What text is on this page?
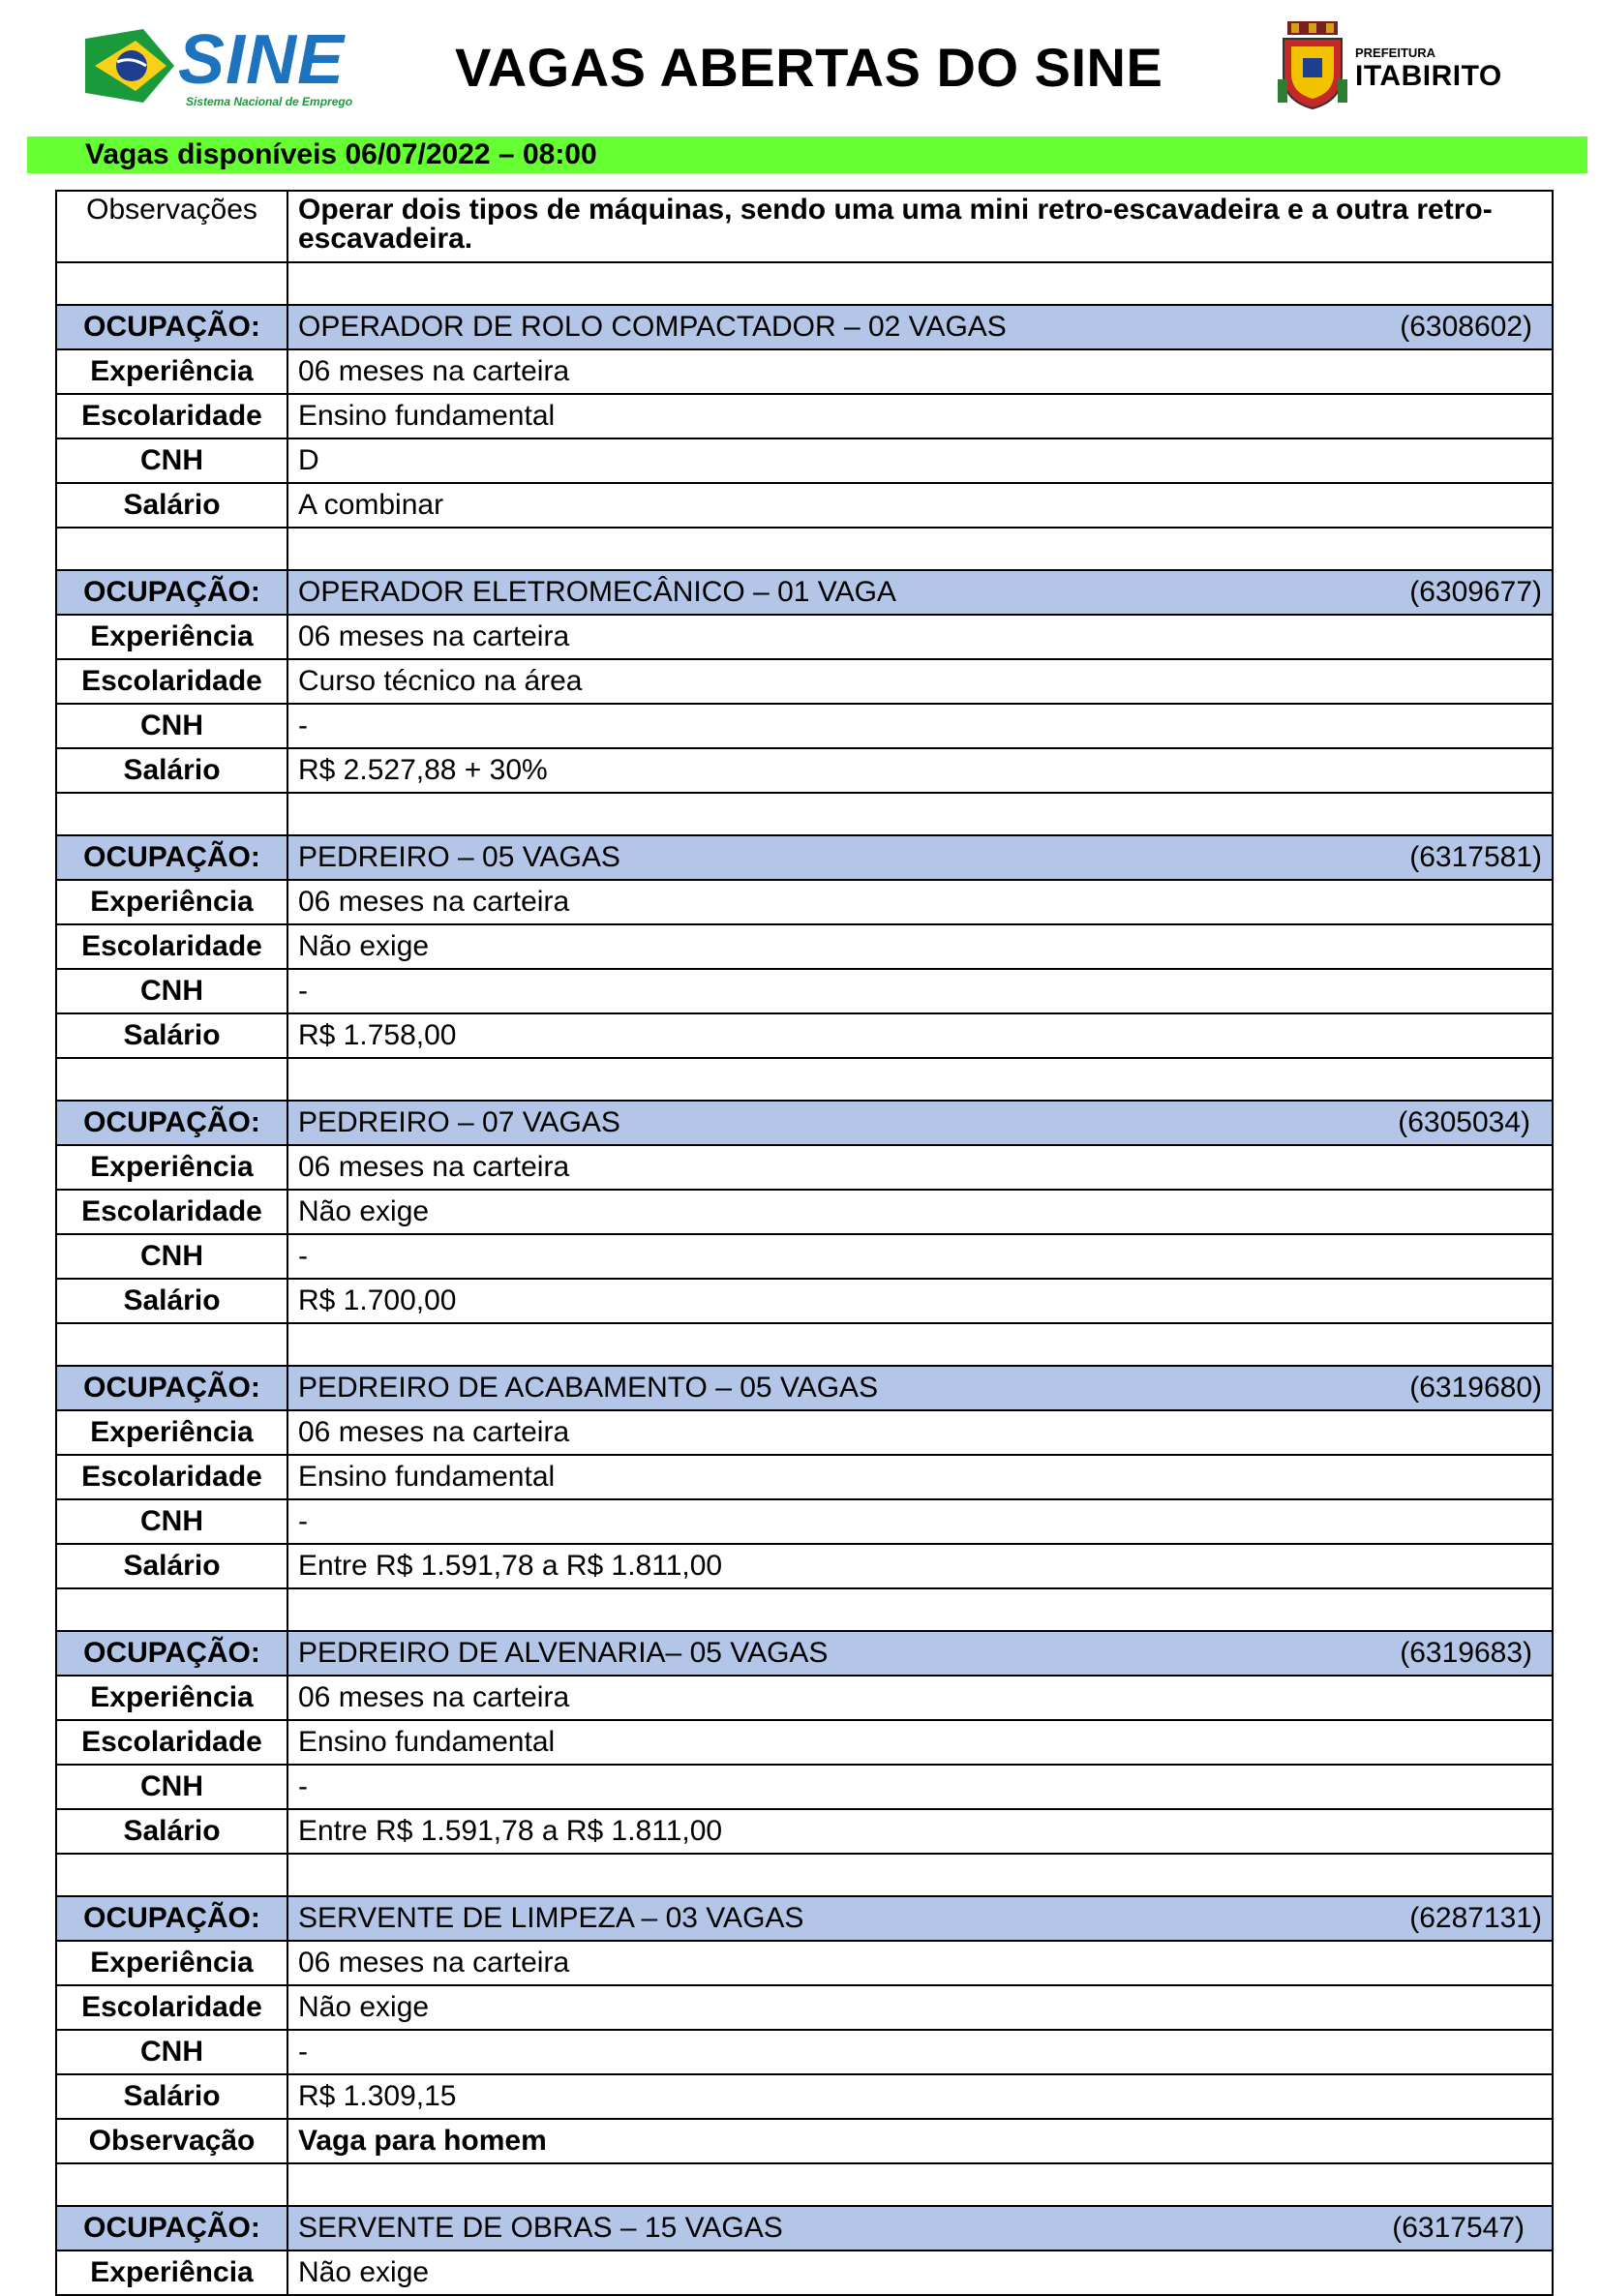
SINE
Sistema Nacional de Emprego
VAGAS ABERTAS DO SINE	PREFEITURA
ITABIRITO
Vagas disponíveis 06/07/2022 – 08:00
Observações	Operar dois tipos de máquinas, sendo uma uma mini retro-escavadeira e a outra retro-escavadeira.

OCUPAÇÃO:	OPERADOR DE ROLO COMPACTADOR – 02 VAGAS (6308602)

Experiência	06 meses na carteira
Escolaridade	Ensino fundamental
CNH	D
Salário	A combinar

OCUPAÇÃO:	OPERADOR ELETROMECÂNICO – 01 VAGA (6309677)

Experiência	06 meses na carteira
Escolaridade	Curso técnico na área
CNH	-
Salário	R$ 2.527,88 + 30%

OCUPAÇÃO:	PEDREIRO – 05 VAGAS (6317581)

Experiência	06 meses na carteira
Escolaridade	Não exige
CNH	-
Salário	R$ 1.758,00

OCUPAÇÃO:	PEDREIRO – 07 VAGAS (6305034)

Experiência	06 meses na carteira
Escolaridade	Não exige
CNH	-
Salário	R$ 1.700,00

OCUPAÇÃO:	PEDREIRO DE ACABAMENTO – 05 VAGAS (6319680)

Experiência	06 meses na carteira
Escolaridade	Ensino fundamental
CNH	-
Salário	Entre R$ 1.591,78 a R$ 1.811,00

OCUPAÇÃO:	PEDREIRO DE ALVENARIA– 05 VAGAS (6319683)

Experiência	06 meses na carteira
Escolaridade	Ensino fundamental
CNH	-
Salário	Entre R$ 1.591,78 a R$ 1.811,00

OCUPAÇÃO:	SERVENTE DE LIMPEZA – 03 VAGAS (6287131)

Experiência	06 meses na carteira
Escolaridade	Não exige
CNH	-
Salário	R$ 1.309,15
Observação	Vaga para homem

OCUPAÇÃO:	SERVENTE DE OBRAS – 15 VAGAS (6317547)

Experiência	Não exige
